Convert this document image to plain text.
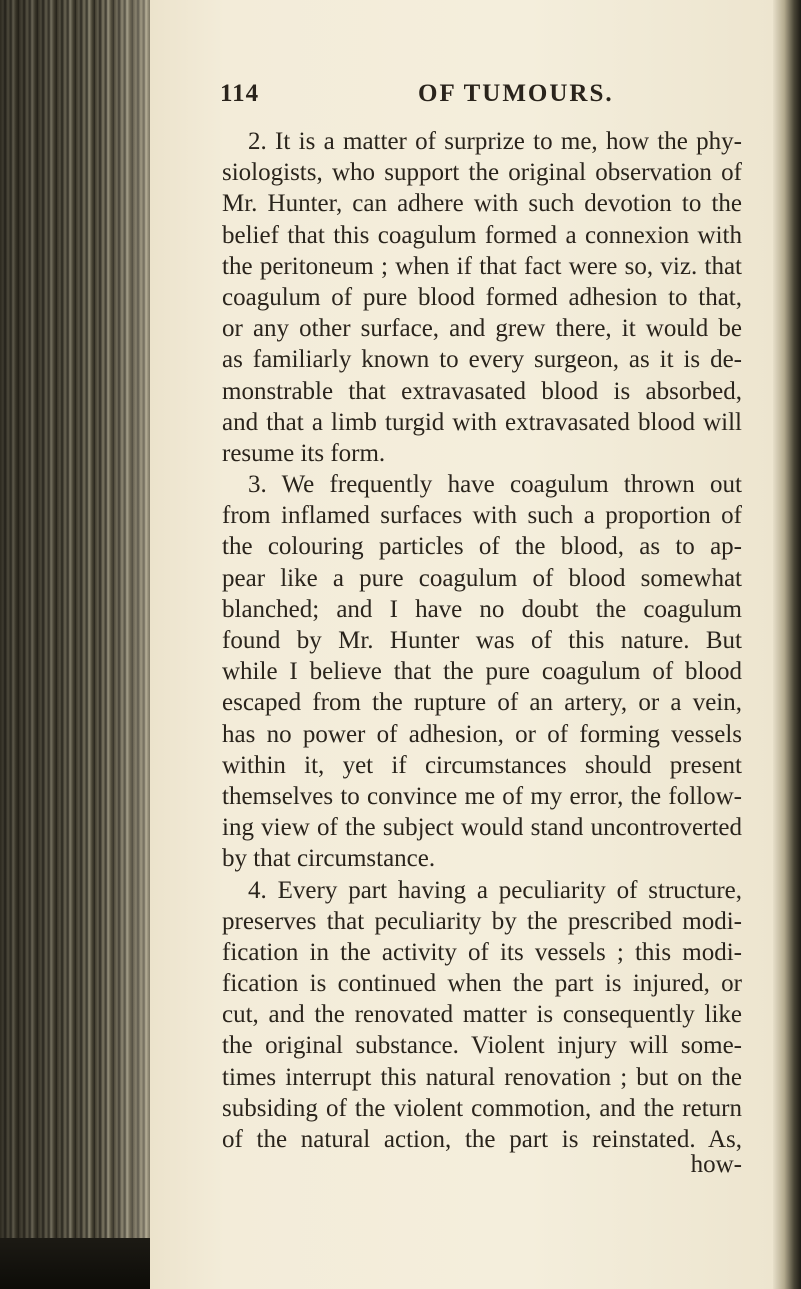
114	OF TUMOURS.
2. It is a matter of surprize to me, how the phy-
siologists, who support the original observation of
Mr. Hunter, can adhere with such devotion to the
belief that this coagulum formed a connexion with
the peritoneum ; when if that fact were so, viz. that
coagulum of pure blood formed adhesion to that,
or any other surface, and grew there, it would be
as familiarly known to every surgeon, as it is de-
monstrable that extravasated blood is absorbed,
and that a limb turgid with extravasated blood will
resume its form.
3. We frequently have coagulum thrown out
from inflamed surfaces with such a proportion of
the colouring particles of the blood, as to ap-
pear like a pure coagulum of blood somewhat
blanched; and I have no doubt the coagulum
found by Mr. Hunter was of this nature. But
while I believe that the pure coagulum of blood
escaped from the rupture of an artery, or a vein,
has no power of adhesion, or of forming vessels
within it, yet if circumstances should present
themselves to convince me of my error, the follow-
ing view of the subject would stand uncontroverted
by that circumstance.
4. Every part having a peculiarity of structure,
preserves that peculiarity by the prescribed modi-
fication in the activity of its vessels ; this modi-
fication is continued when the part is injured, or
cut, and the renovated matter is consequently like
the original substance. Violent injury will some-
times interrupt this natural renovation ; but on the
subsiding of the violent commotion, and the return
of the natural action, the part is reinstated. As,
how-
